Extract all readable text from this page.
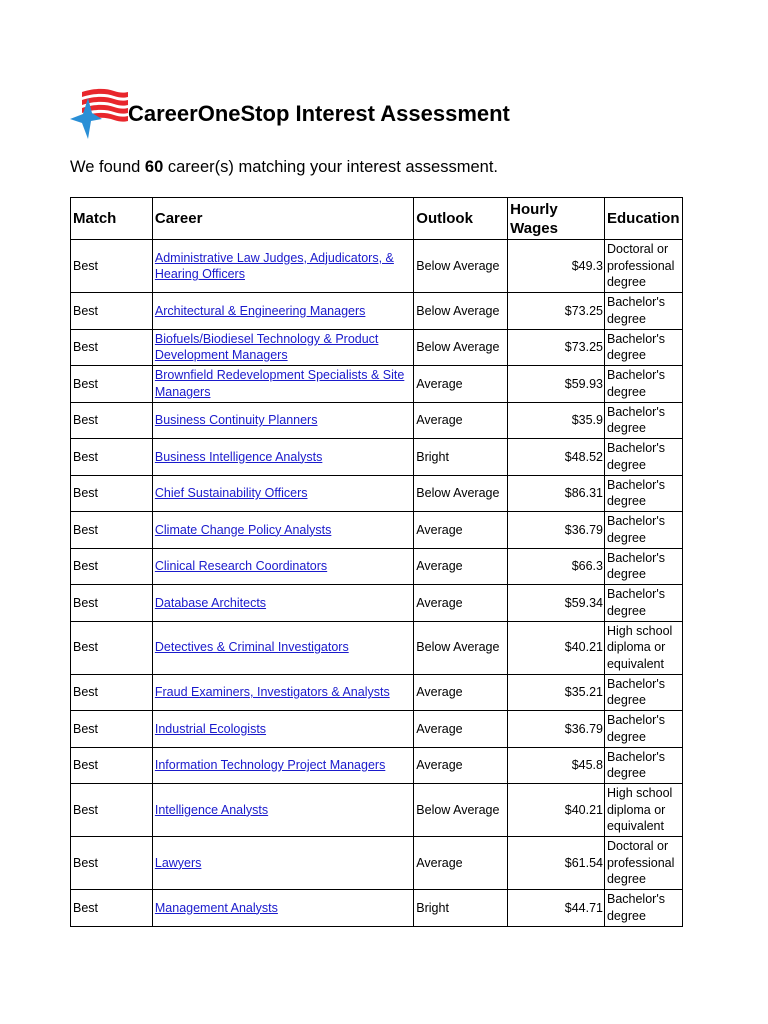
CareerOneStop Interest Assessment
We found 60 career(s) matching your interest assessment.
Match	Career	Outlook	Hourly Wages	Education
Best	Administrative Law Judges, Adjudicators, & Hearing Officers	Below Average	$49.3	Doctoral or professional degree
Best	Architectural & Engineering Managers	Below Average	$73.25	Bachelor's degree
Best	Biofuels/Biodiesel Technology & Product Development Managers	Below Average	$73.25	Bachelor's degree
Best	Brownfield Redevelopment Specialists & Site Managers	Average	$59.93	Bachelor's degree
Best	Business Continuity Planners	Average	$35.9	Bachelor's degree
Best	Business Intelligence Analysts	Bright	$48.52	Bachelor's degree
Best	Chief Sustainability Officers	Below Average	$86.31	Bachelor's degree
Best	Climate Change Policy Analysts	Average	$36.79	Bachelor's degree
Best	Clinical Research Coordinators	Average	$66.3	Bachelor's degree
Best	Database Architects	Average	$59.34	Bachelor's degree
Best	Detectives & Criminal Investigators	Below Average	$40.21	High school diploma or equivalent
Best	Fraud Examiners, Investigators & Analysts	Average	$35.21	Bachelor's degree
Best	Industrial Ecologists	Average	$36.79	Bachelor's degree
Best	Information Technology Project Managers	Average	$45.8	Bachelor's degree
Best	Intelligence Analysts	Below Average	$40.21	High school diploma or equivalent
Best	Lawyers	Average	$61.54	Doctoral or professional degree
Best	Management Analysts	Bright	$44.71	Bachelor's degree
